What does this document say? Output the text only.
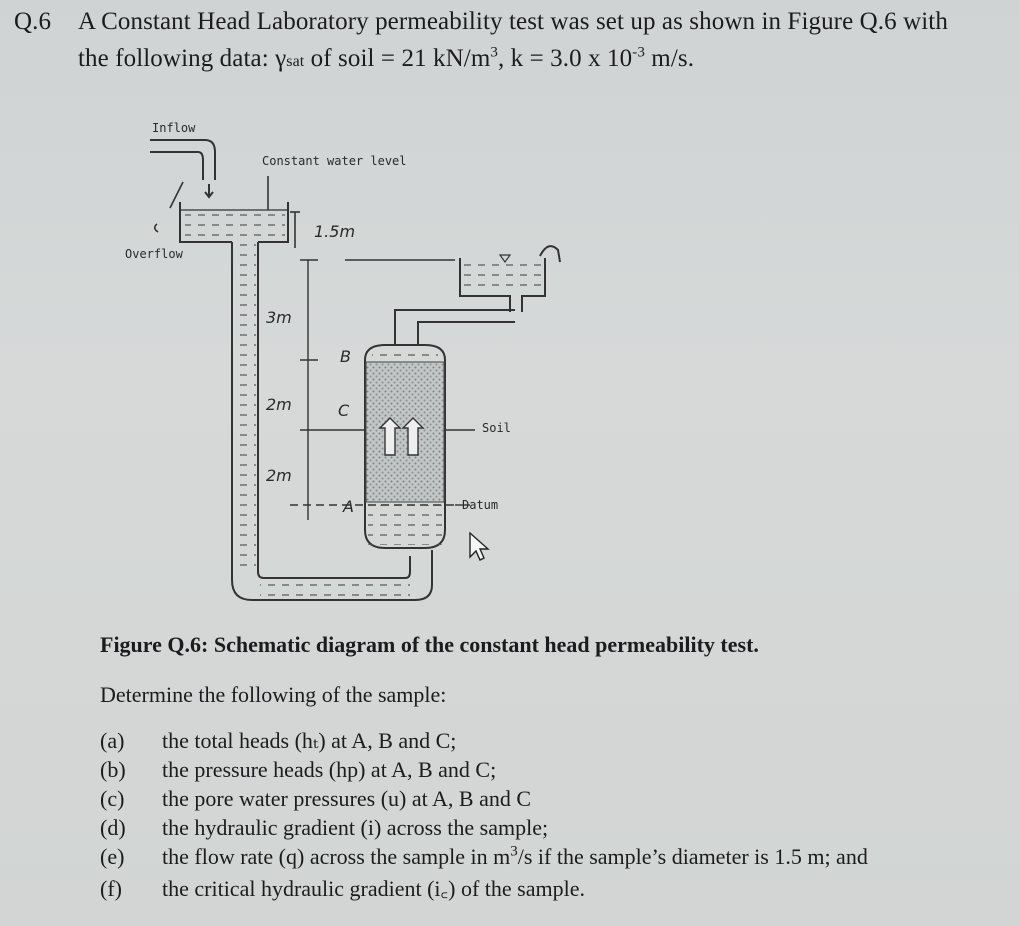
Q.6 A Constant Head Laboratory permeability test was set up as shown in Figure Q.6 with
the following data: γsat of soil = 21 $kN/m^3$, k = 3.0 x $10^{-3}$ m/s.
Inflow
Constant water level
Overflow
Soil
Datum
B
C
A
1.5m
3m
2m
2m
Figure Q.6: Schematic diagram of the constant head permeability test.
Determine the following of the sample:
(a) the total heads (hₜ) at A, B and C;
(b) the pressure heads (hp) at A, B and C;
(c) the pore water pressures (u) at A, B and C
(d) the hydraulic gradient (i) across the sample;
(e) the flow rate (q) across the sample in $m^3/s$ if the sample’s diameter is 1.5 m; and
(f) the critical hydraulic gradient (i꜀) of the sample.
